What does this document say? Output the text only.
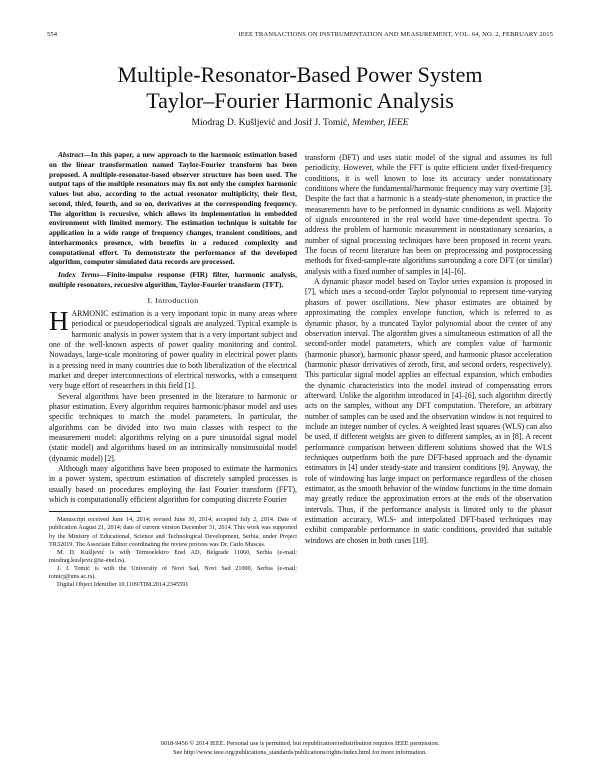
554	IEEE TRANSACTIONS ON INSTRUMENTATION AND MEASUREMENT, VOL. 64, NO. 2, FEBRUARY 2015
Multiple-Resonator-Based Power System
Taylor–Fourier Harmonic Analysis
Miodrag D. Kušljević and Josif J. Tomić, Member, IEEE

Abstract—In this paper, a new approach to the harmonic estimation based on the linear transformation named Taylor-Fourier transform has been proposed. A multiple-resonator-based observer structure has been used. The output taps of the multiple resonators may fix not only the complex harmonic values but also, according to the actual resonator multiplicity, their first, second, third, fourth, and so on, derivatives at the corresponding frequency. The algorithm is recursive, which allows its implementation in embedded environment with limited memory. The estimation technique is suitable for application in a wide range of frequency changes, transient conditions, and interharmonics presence, with benefits in a reduced complexity and computational effort. To demonstrate the performance of the developed algorithm, computer simulated data records are processed.

Index Terms—Finite-impulse response (FIR) filter, harmonic analysis, multiple resonators, recursive algorithm, Taylor-Fourier transform (TFT).

I. Introduction

HARMONIC estimation is a very important topic in many areas where periodical or pseudoperiodical signals are analyzed. Typical example is harmonic analysis in power system that is a very important subject and one of the well-known aspects of power quality monitoring and control. Nowadays, large-scale monitoring of power quality in electrical power plants is a pressing need in many countries due to both liberalization of the electrical market and deeper interconnections of electrical networks, with a consequent very huge effort of researchers in this field [1].

Several algorithms have been presented in the literature to harmonic or phasor estimation. Every algorithm requires harmonic/phasor model and uses specific techniques to match the model parameters. In particular, the algorithms can be divided into two main classes with respect to the measurement model: algorithms relying on a pure sinusoidal signal model (static model) and algorithms based on an intrinsically nonsinusoidal model (dynamic model) [2].

Although many algorithms have been proposed to estimate the harmonics in a power system, spectrum estimation of discretely sampled processes is usually based on procedures employing the fast Fourier transform (FFT), which is computationally efficient algorithm for computing discrete Fourier

Manuscript received June 14, 2014; revised June 30, 2014; accepted July 2, 2014. Date of publication August 21, 2014; date of current version December 31, 2014. This work was supported by the Ministry of Educational, Science and Technological Development, Serbia, under Project TR32019. The Associate Editor coordinating the review process was Dr. Carlo Muscas.

M. D. Kušljević is with Termoelektro Enel AD, Belgrade 11060, Serbia (e-mail: miodrag.kusljevic@te-enel.rs).

J. J. Tomić is with the University of Novi Sad, Novi Sad 21000, Serbia (e-mail: tomicj@uns.ac.rs).

Digital Object Identifier 10.1109/TIM.2014.2345591

transform (DFT) and uses static model of the signal and assumes its full periodicity. However, while the FFT is quite efficient under fixed-frequency conditions, it is well known to lose its accuracy under nonstationary conditions where the fundamental/harmonic frequency may vary overtime [3]. Despite the fact that a harmonic is a steady-state phenomenon, in practice the measurements have to be performed in dynamic conditions as well. Majority of signals encountered in the real world have time-dependent spectra. To address the problem of harmonic measurement in nonstationary scenarios, a number of signal processing techniques have been proposed in recent years. The focus of recent literature has been on preprocessing and postprocessing methods for fixed-sample-rate algorithms surrounding a core DFT (or similar) analysis with a fixed number of samples in [4]–[6].

A dynamic phasor model based on Taylor series expansion is proposed in [7], which uses a second-order Taylor polynomial to represent time-varying phasors of power oscillations. New phasor estimates are obtained by approximating the complex envelope function, which is referred to as dynamic phasor, by a truncated Taylor polynomial about the center of any observation interval. The algorithm gives a simultaneous estimation of all the second-order model parameters, which are complex value of harmonic (harmonic phasor), harmonic phasor speed, and harmonic phasor acceleration (harmonic phasor derivatives of zeroth, first, and second orders, respectively). This particular signal model applies an effectual expansion, which embodies the dynamic characteristics into the model instead of compensating errors afterward. Unlike the algorithm introduced in [4]–[6], such algorithm directly acts on the samples, without any DFT computation. Therefore, an arbitrary number of samples can be used and the observation window is not required to include an integer number of cycles. A weighted least squares (WLS) can also be used, if different weights are given to different samples, as in [8]. A recent performance comparison between different solutions showed that the WLS techniques outperform both the pure DFT-based approach and the dynamic estimators in [4] under steady-state and transient conditions [9]. Anyway, the role of windowing has large impact on performance regardless of the chosen estimator, as the smooth behavior of the window functions in the time domain may greatly reduce the approximation errors at the ends of the observation intervals. Thus, if the performance analysis is limited only to the phasor estimation accuracy, WLS- and interpolated DFT-based techniques may exhibit comparable performance in static conditions, provided that suitable windows are chosen in both cases [10].

0018-9456 © 2014 IEEE. Personal use is permitted, but republication/redistribution requires IEEE permission.
See http://www.ieee.org/publications_standards/publications/rights/index.html for more information.
